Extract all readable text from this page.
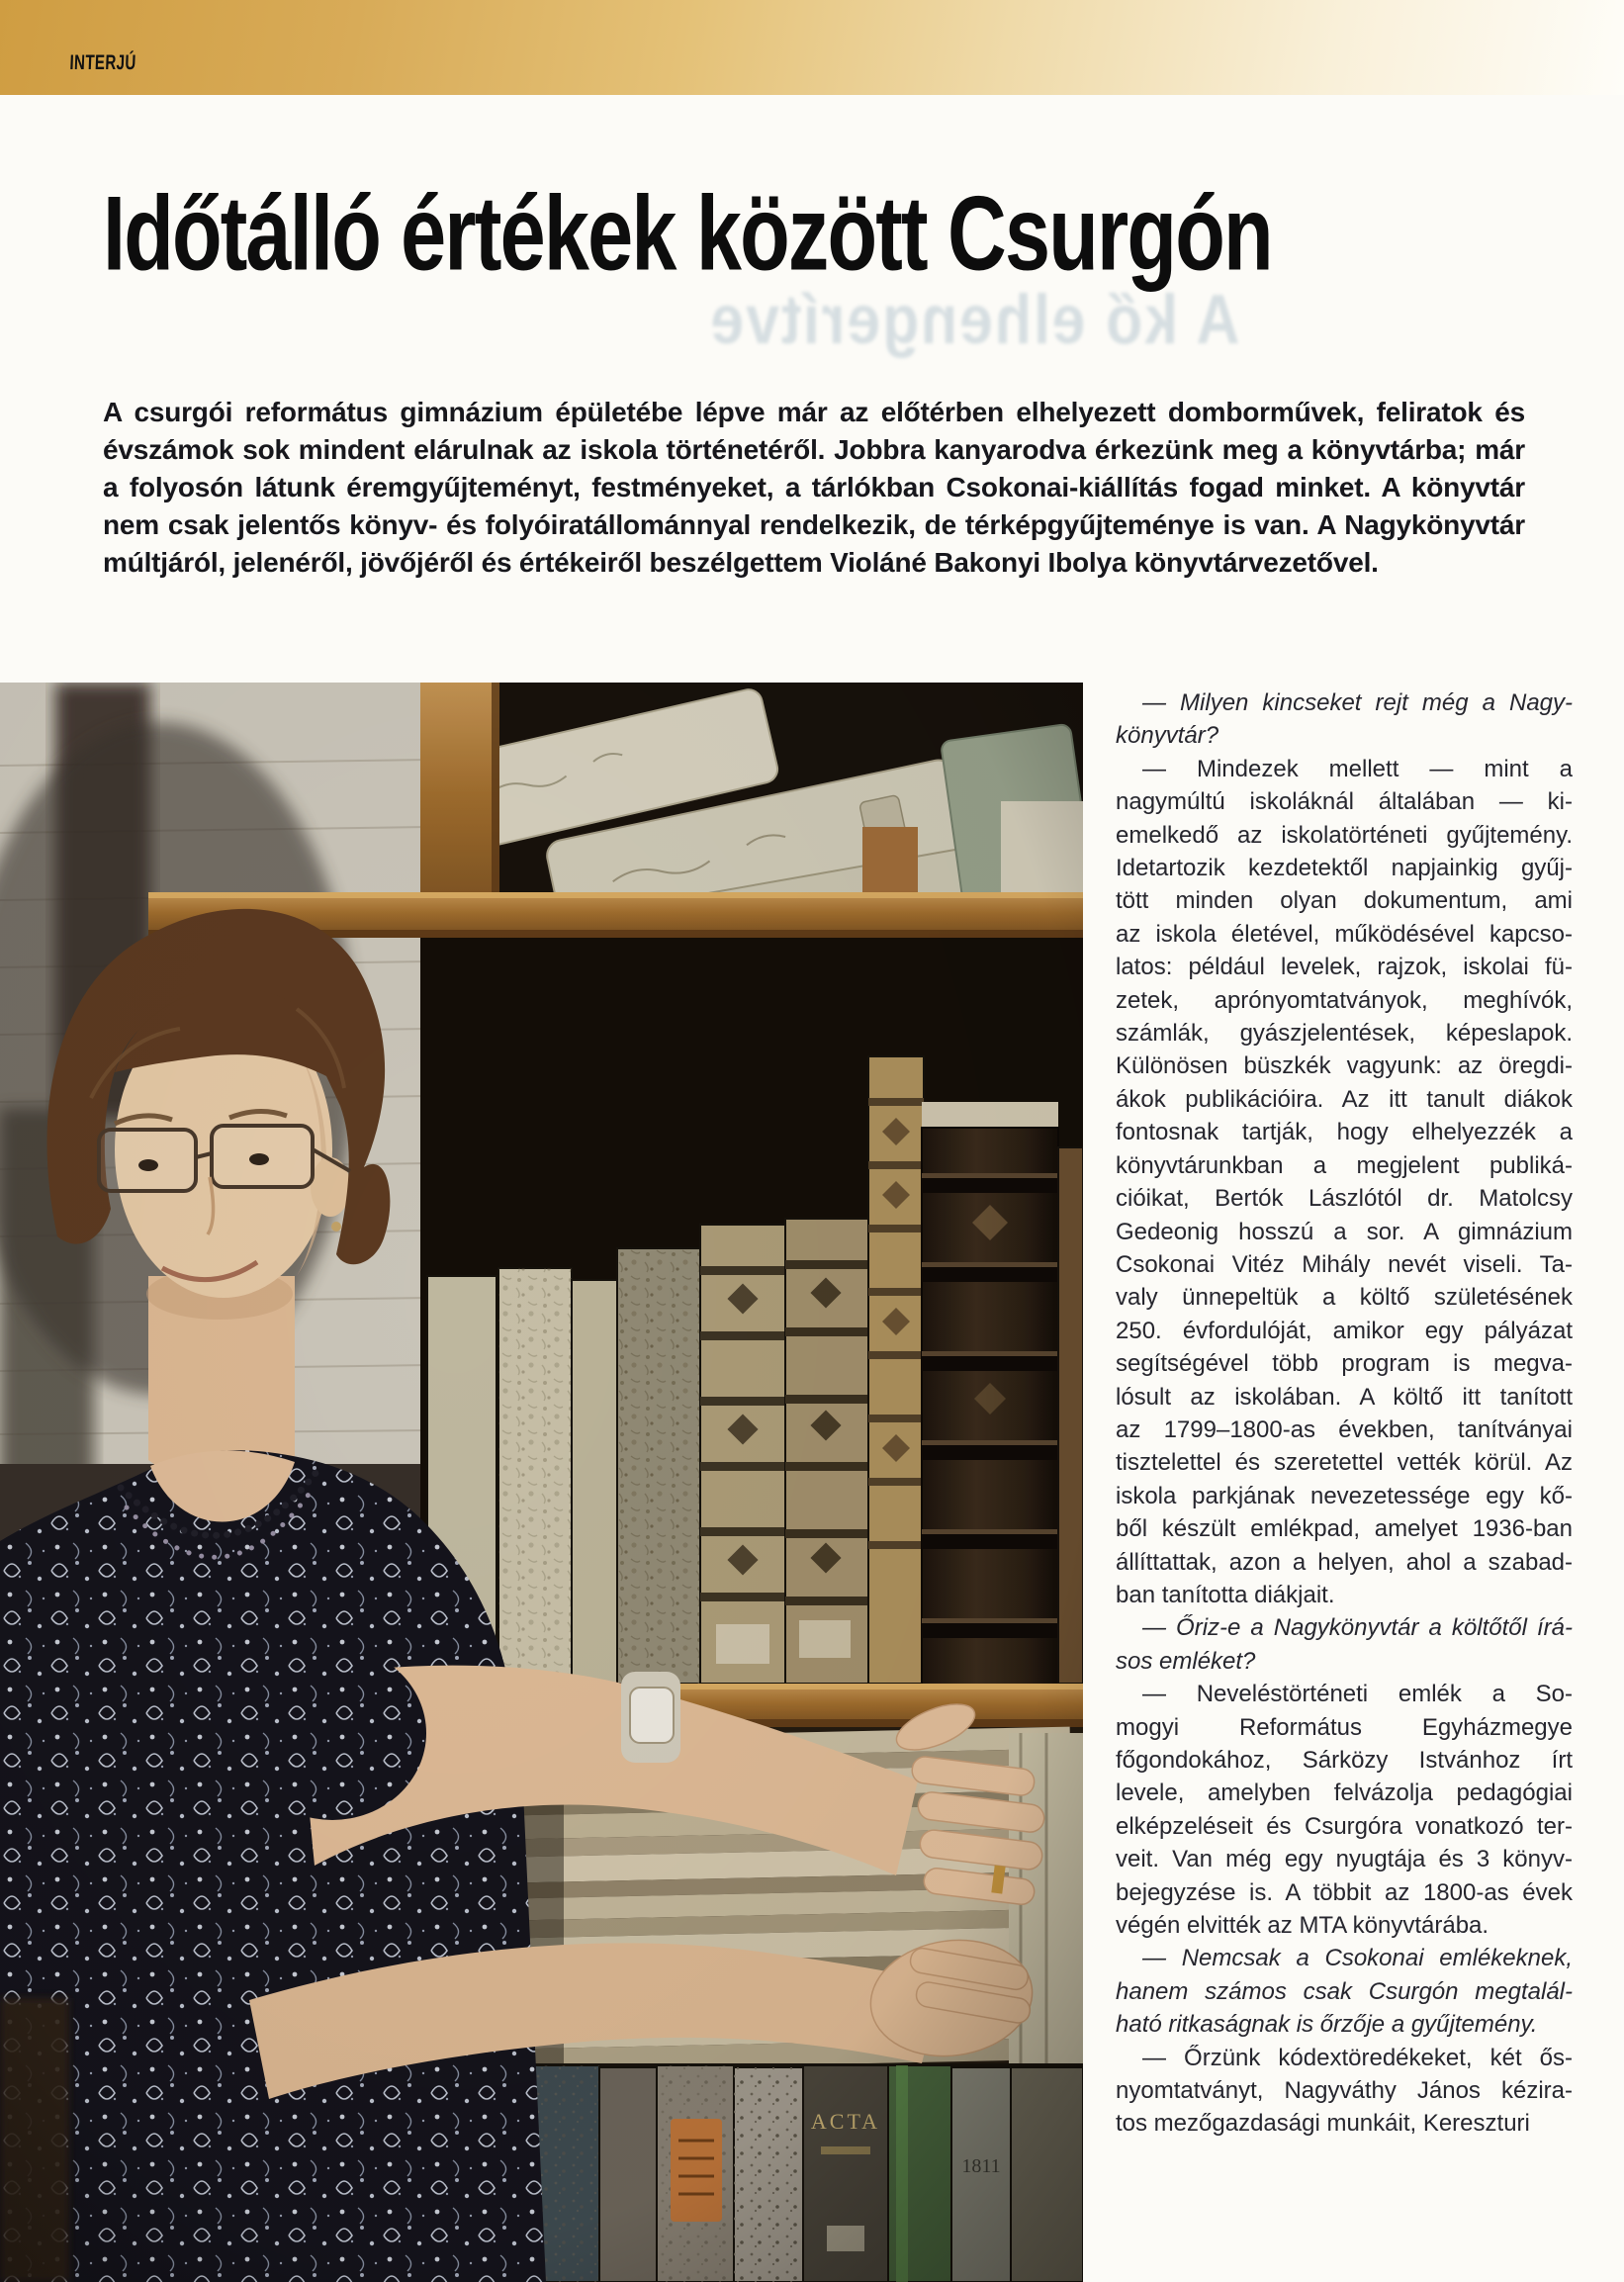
INTERJÚ
Időtálló értékek között Csurgón
A kő elhengerítve
A csurgói református gimnázium épületébe lépve már az előtérben elhelyezett domborművek, feliratok és
évszámok sok mindent elárulnak az iskola történetéről. Jobbra kanyarodva érkezünk meg a könyvtárba; már
a folyosón látunk éremgyűjteményt, festményeket, a tárlókban Csokonai-kiállítás fogad minket. A könyvtár
nem csak jelentős könyv- és folyóiratállománnyal rendelkezik, de térképgyűjteménye is van. A Nagykönyvtár
múltjáról, jelenéről, jövőjéről és értékeiről beszélgettem Violáné Bakonyi Ibolya könyvtárvezetővel.
— Milyen kincseket rejt még a Nagy-
könyvtár?
— Mindezek mellett — mint a
nagymúltú iskoláknál általában — ki-
emelkedő az iskolatörténeti gyűjtemény.
Idetartozik kezdetektől napjainkig gyűj-
tött minden olyan dokumentum, ami
az iskola életével, működésével kapcso-
latos: például levelek, rajzok, iskolai fü-
zetek, aprónyomtatványok, meghívók,
számlák, gyászjelentések, képeslapok.
Különösen büszkék vagyunk: az öregdi-
ákok publikációira. Az itt tanult diákok
fontosnak tartják, hogy elhelyezzék a
könyvtárunkban a megjelent publiká-
cióikat, Bertók Lászlótól dr. Matolcsy
Gedeonig hosszú a sor. A gimnázium
Csokonai Vitéz Mihály nevét viseli. Ta-
valy ünnepeltük a költő születésének
250. évfordulóját, amikor egy pályázat
segítségével több program is megva-
lósult az iskolában. A költő itt tanított
az 1799–1800-as években, tanítványai
tisztelettel és szeretettel vették körül. Az
iskola parkjának nevezetessége egy kő-
ből készült emlékpad, amelyet 1936-ban
állíttattak, azon a helyen, ahol a szabad-
ban tanította diákjait.
— Őriz-e a Nagykönyvtár a költőtől írá-
sos emléket?
— Neveléstörténeti emlék a So-
mogyi Református Egyházmegye
főgondokához, Sárközy Istvánhoz írt
levele, amelyben felvázolja pedagógiai
elképzeléseit és Csurgóra vonatkozó ter-
veit. Van még egy nyugtája és 3 könyv-
bejegyzése is. A többit az 1800-as évek
végén elvitték az MTA könyvtárába.
— Nemcsak a Csokonai emlékeknek,
hanem számos csak Csurgón megtalál-
ható ritkaságnak is őrzője a gyűjtemény.
— Őrzünk kódextöredékeket, két ős-
nyomtatványt, Nagyváthy János kézira-
tos mezőgazdasági munkáit, Kereszturi
